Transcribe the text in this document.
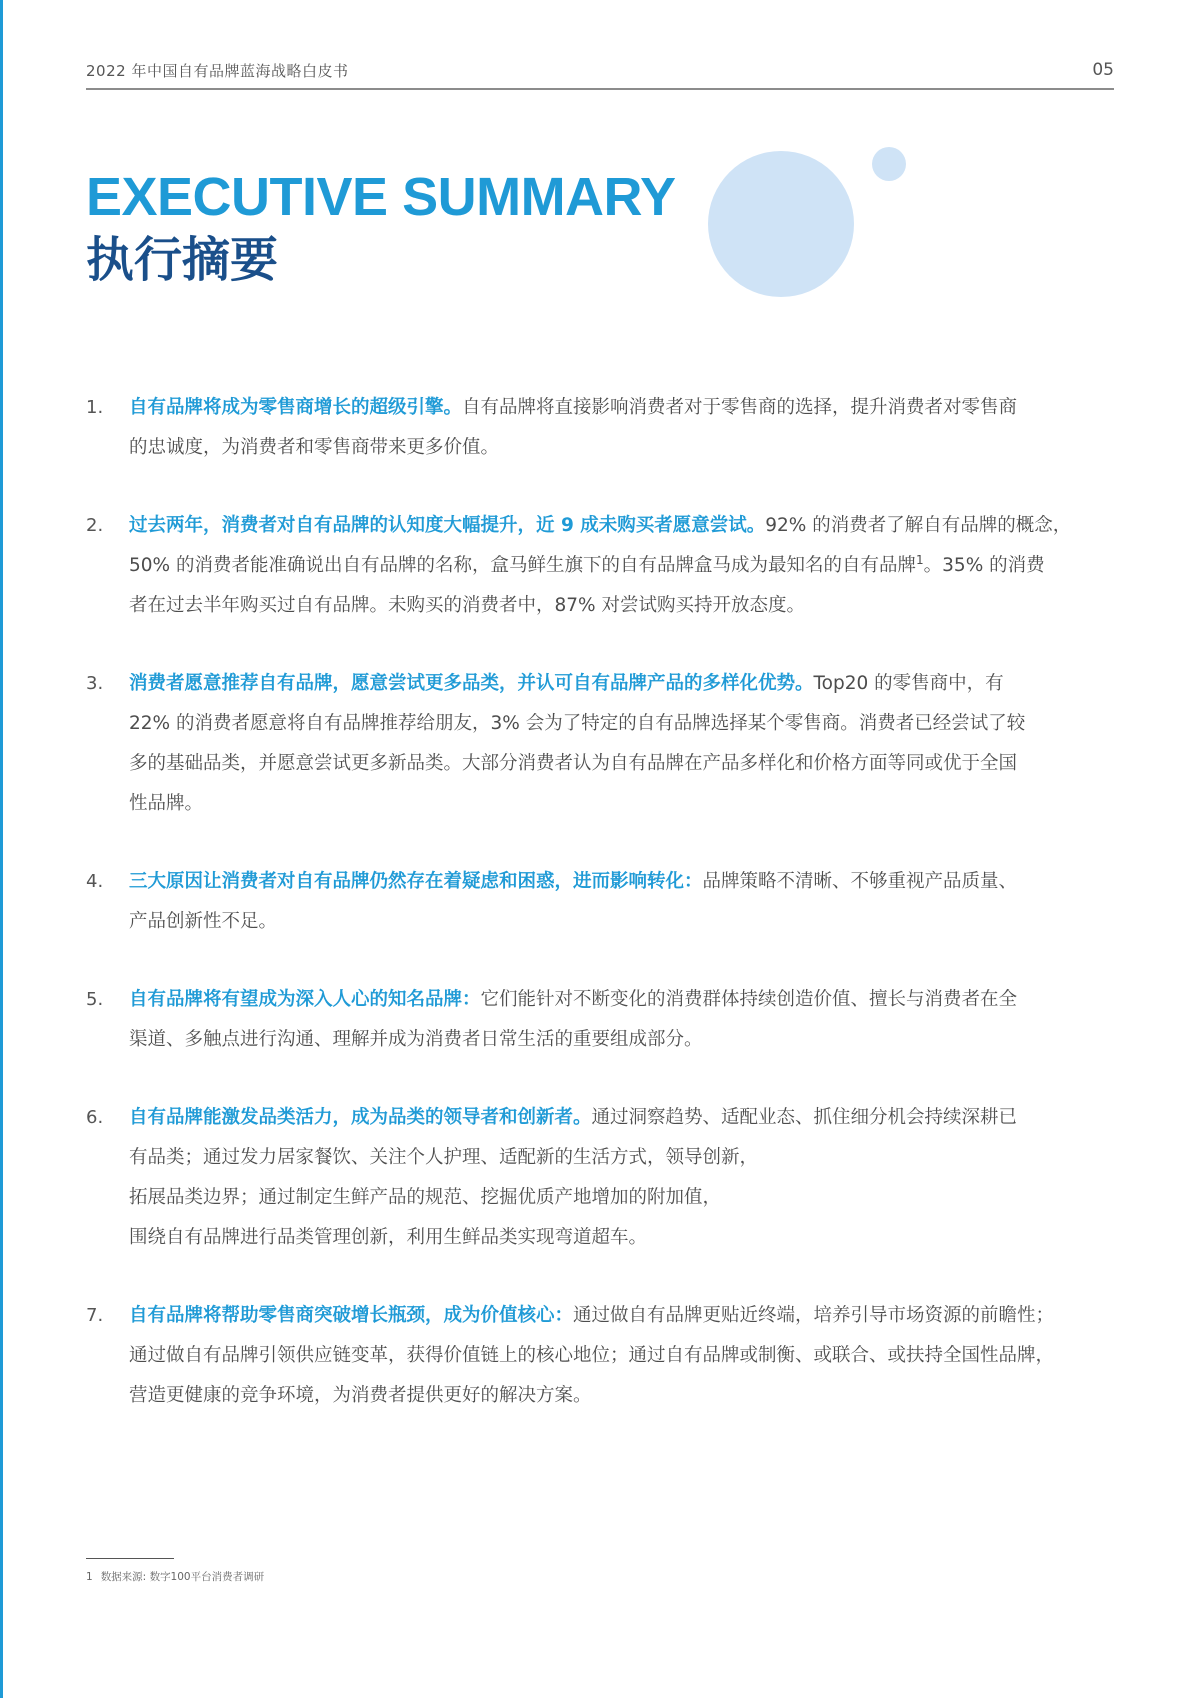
2022 年中国自有品牌蓝海战略白皮书	05
EXECUTIVE SUMMARY
执行摘要
1. 自有品牌将成为零售商增长的超级引擎。自有品牌将直接影响消费者对于零售商的选择，提升消费者对零售商
的忠诚度，为消费者和零售商带来更多价值。
2. 过去两年，消费者对自有品牌的认知度大幅提升，近 9 成未购买者愿意尝试。92% 的消费者了解自有品牌的概念，
50% 的消费者能准确说出自有品牌的名称，盒马鲜生旗下的自有品牌盒马成为最知名的自有品牌$^1$。35% 的消费
者在过去半年购买过自有品牌。未购买的消费者中，87% 对尝试购买持开放态度。
3. 消费者愿意推荐自有品牌，愿意尝试更多品类，并认可自有品牌产品的多样化优势。Top20 的零售商中，有
22% 的消费者愿意将自有品牌推荐给朋友，3% 会为了特定的自有品牌选择某个零售商。消费者已经尝试了较
多的基础品类，并愿意尝试更多新品类。大部分消费者认为自有品牌在产品多样化和价格方面等同或优于全国
性品牌。
4. 三大原因让消费者对自有品牌仍然存在着疑虑和困惑，进而影响转化：品牌策略不清晰、不够重视产品质量、
产品创新性不足。
5. 自有品牌将有望成为深入人心的知名品牌：它们能针对不断变化的消费群体持续创造价值、擅长与消费者在全
渠道、多触点进行沟通、理解并成为消费者日常生活的重要组成部分。
6. 自有品牌能激发品类活力，成为品类的领导者和创新者。通过洞察趋势、适配业态、抓住细分机会持续深耕已
有品类；通过发力居家餐饮、关注个人护理、适配新的生活方式，领导创新，
拓展品类边界；通过制定生鲜产品的规范、挖掘优质产地增加的附加值，
围绕自有品牌进行品类管理创新，利用生鲜品类实现弯道超车。
7. 自有品牌将帮助零售商突破增长瓶颈，成为价值核心：通过做自有品牌更贴近终端，培养引导市场资源的前瞻性；
通过做自有品牌引领供应链变革，获得价值链上的核心地位；通过自有品牌或制衡、或联合、或扶持全国性品牌，
营造更健康的竞争环境，为消费者提供更好的解决方案。
1 数据来源: 数字100平台消费者调研
